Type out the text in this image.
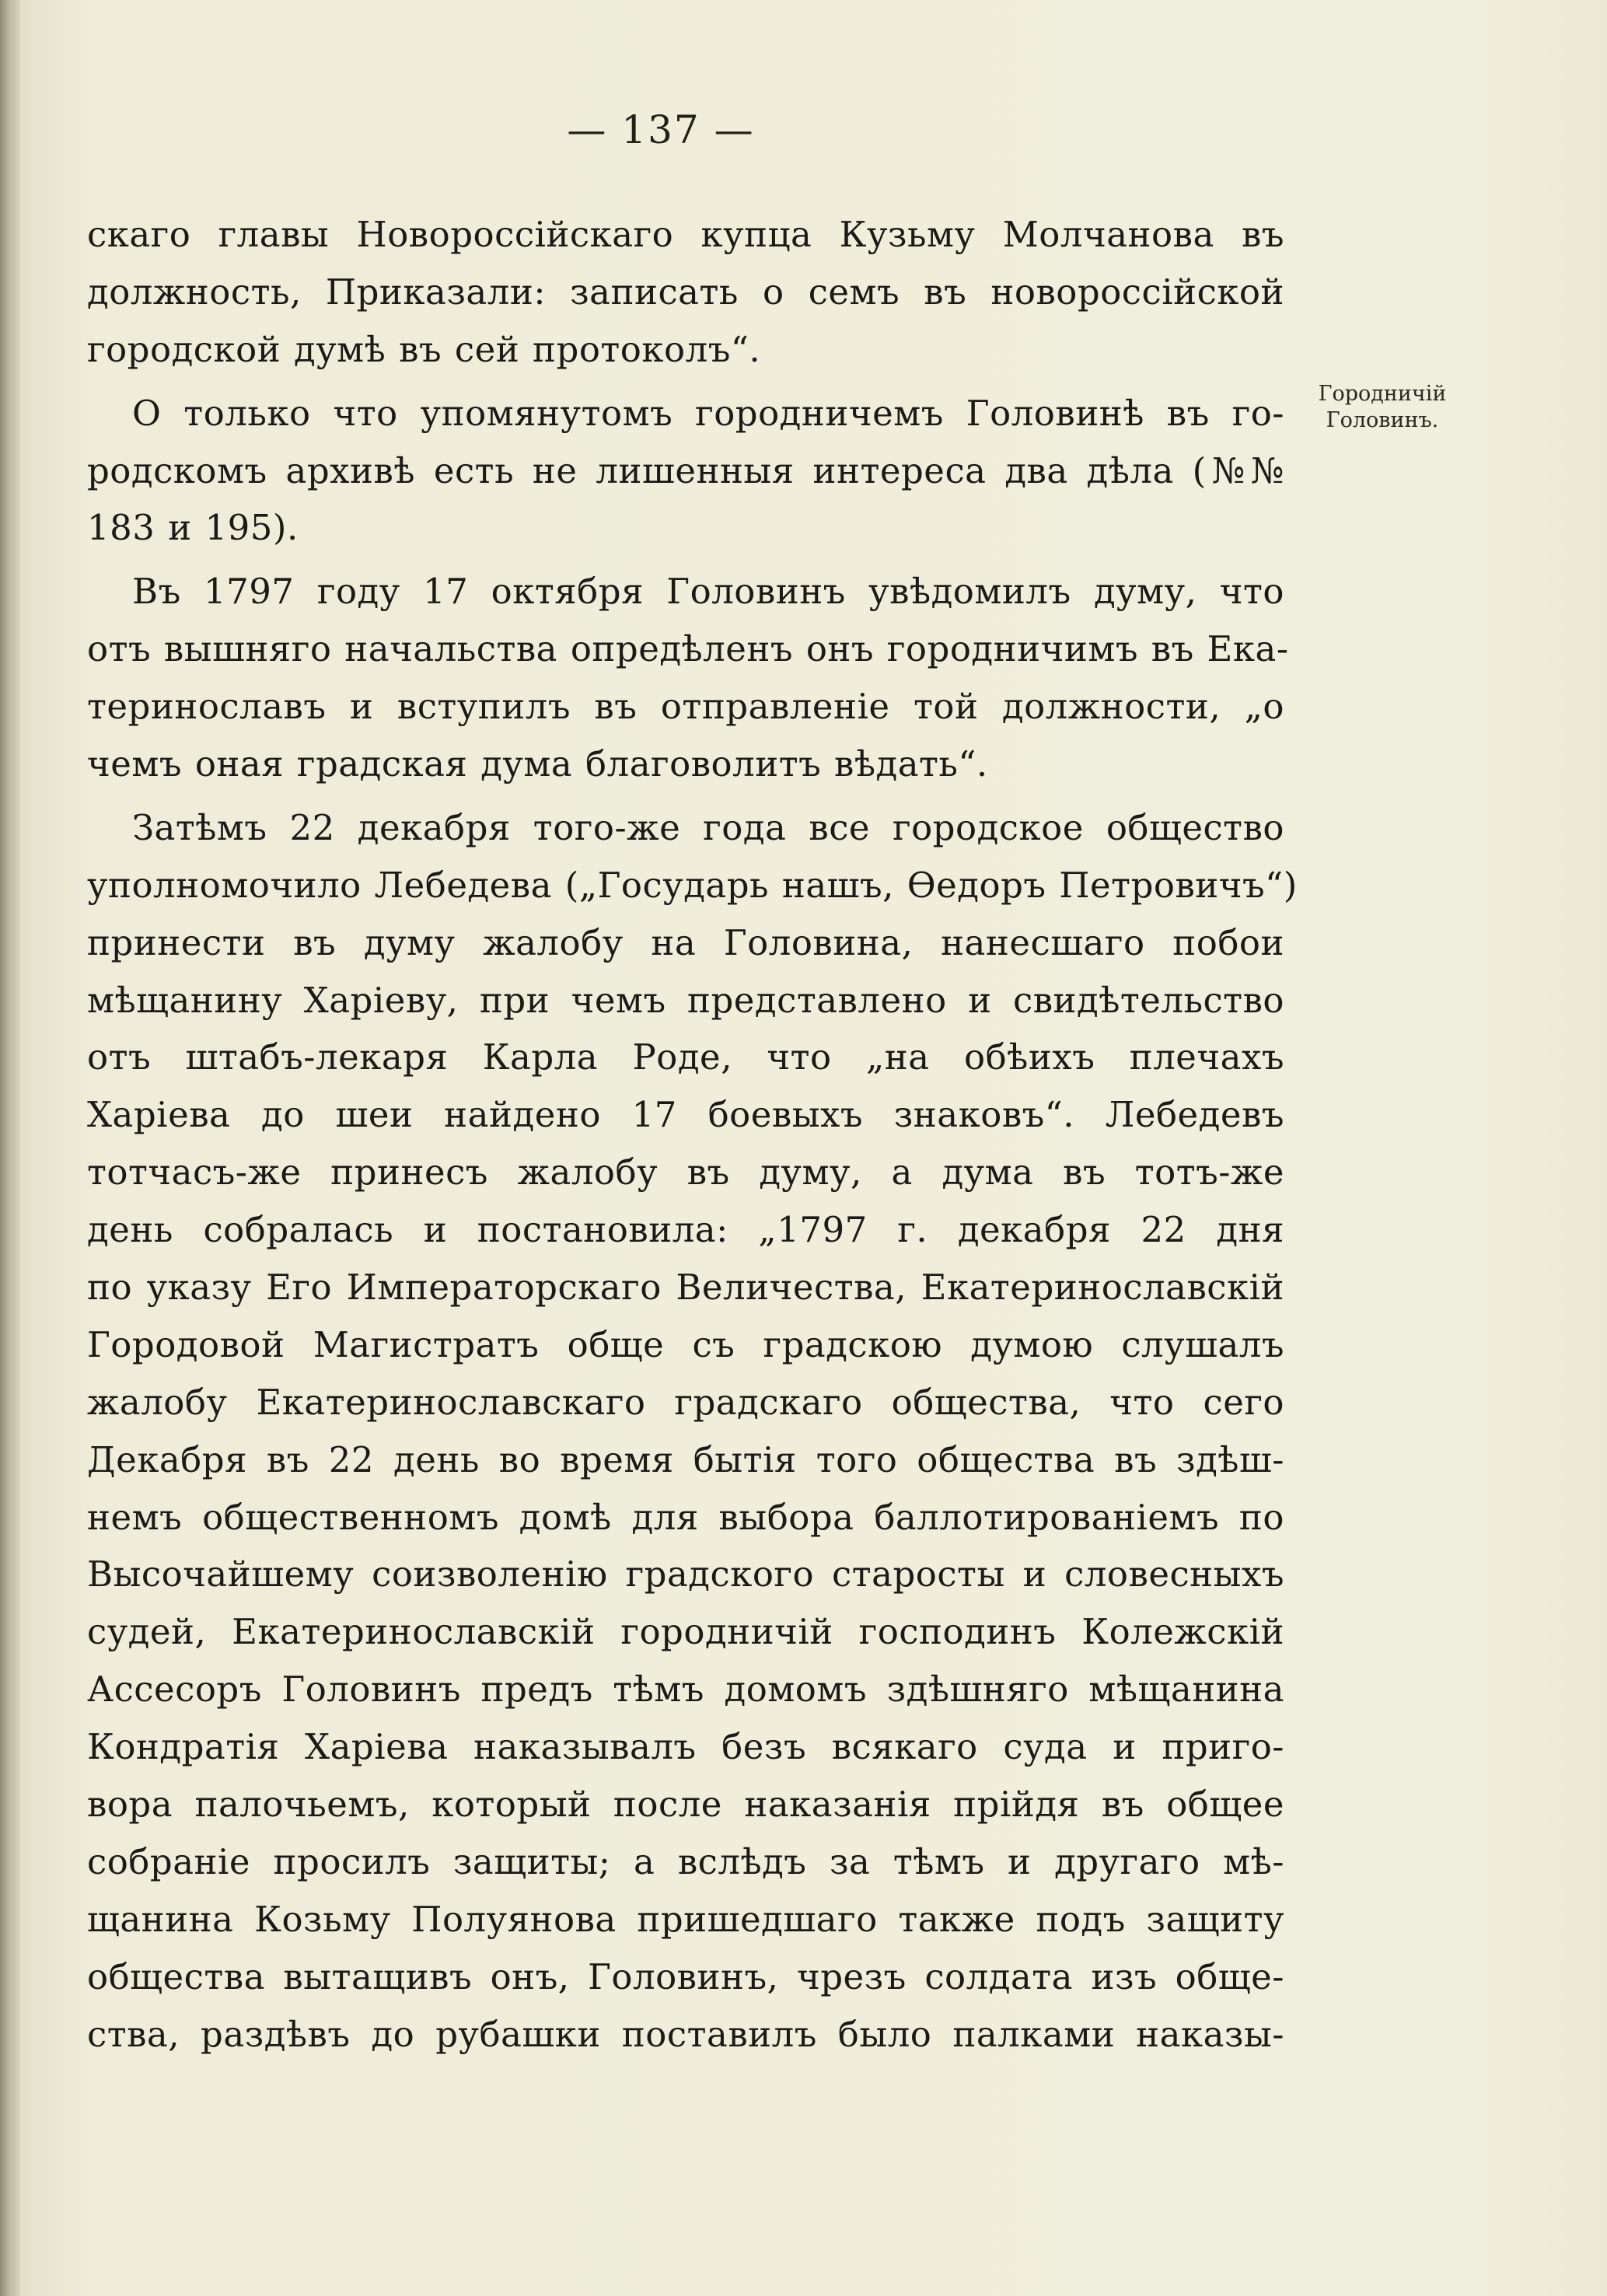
— 137 —
Городничій
Головинъ.
скаго главы Новороссійскаго купца Кузьму Молчанова въ
должность, Приказали: записать о семъ въ новороссійской
городской думѣ въ сей протоколъ“.
О только что упомянутомъ городничемъ Головинѣ въ го-
родскомъ архивѣ есть не лишенныя интереса два дѣла (№№
183 и 195).
Въ 1797 году 17 октября Головинъ увѣдомилъ думу, что
отъ вышняго начальства опредѣленъ онъ городничимъ въ Ека-
теринославъ и вступилъ въ отправленіе той должности, „о
чемъ оная градская дума благоволитъ вѣдать“.
Затѣмъ 22 декабря того-же года все городское общество
уполномочило Лебедева („Государь нашъ, Өедоръ Петровичъ“)
принести въ думу жалобу на Головина, нанесшаго побои
мѣщанину Харіеву, при чемъ представлено и свидѣтельство
отъ штабъ-лекаря Карла Роде, что „на обѣихъ плечахъ
Харіева до шеи найдено 17 боевыхъ знаковъ“. Лебедевъ
тотчасъ-же принесъ жалобу въ думу, а дума въ тотъ-же
день собралась и постановила: „1797 г. декабря 22 дня
по указу Его Императорскаго Величества, Екатеринославскій
Городовой Магистратъ обще съ градскою думою слушалъ
жалобу Екатеринославскаго градскаго общества, что сего
Декабря въ 22 день во время бытія того общества въ здѣш-
немъ общественномъ домѣ для выбора баллотированіемъ по
Высочайшему соизволенію градского старосты и словесныхъ
судей, Екатеринославскій городничій господинъ Колежскій
Ассесоръ Головинъ предъ тѣмъ домомъ здѣшняго мѣщанина
Кондратія Харіева наказывалъ безъ всякаго суда и приго-
вора палочьемъ, который после наказанія прійдя въ общее
собраніе просилъ защиты; а вслѣдъ за тѣмъ и другаго мѣ-
щанина Козьму Полуянова пришедшаго также подъ защиту
общества вытащивъ онъ, Головинъ, чрезъ солдата изъ обще-
ства, раздѣвъ до рубашки поставилъ было палками наказы-
